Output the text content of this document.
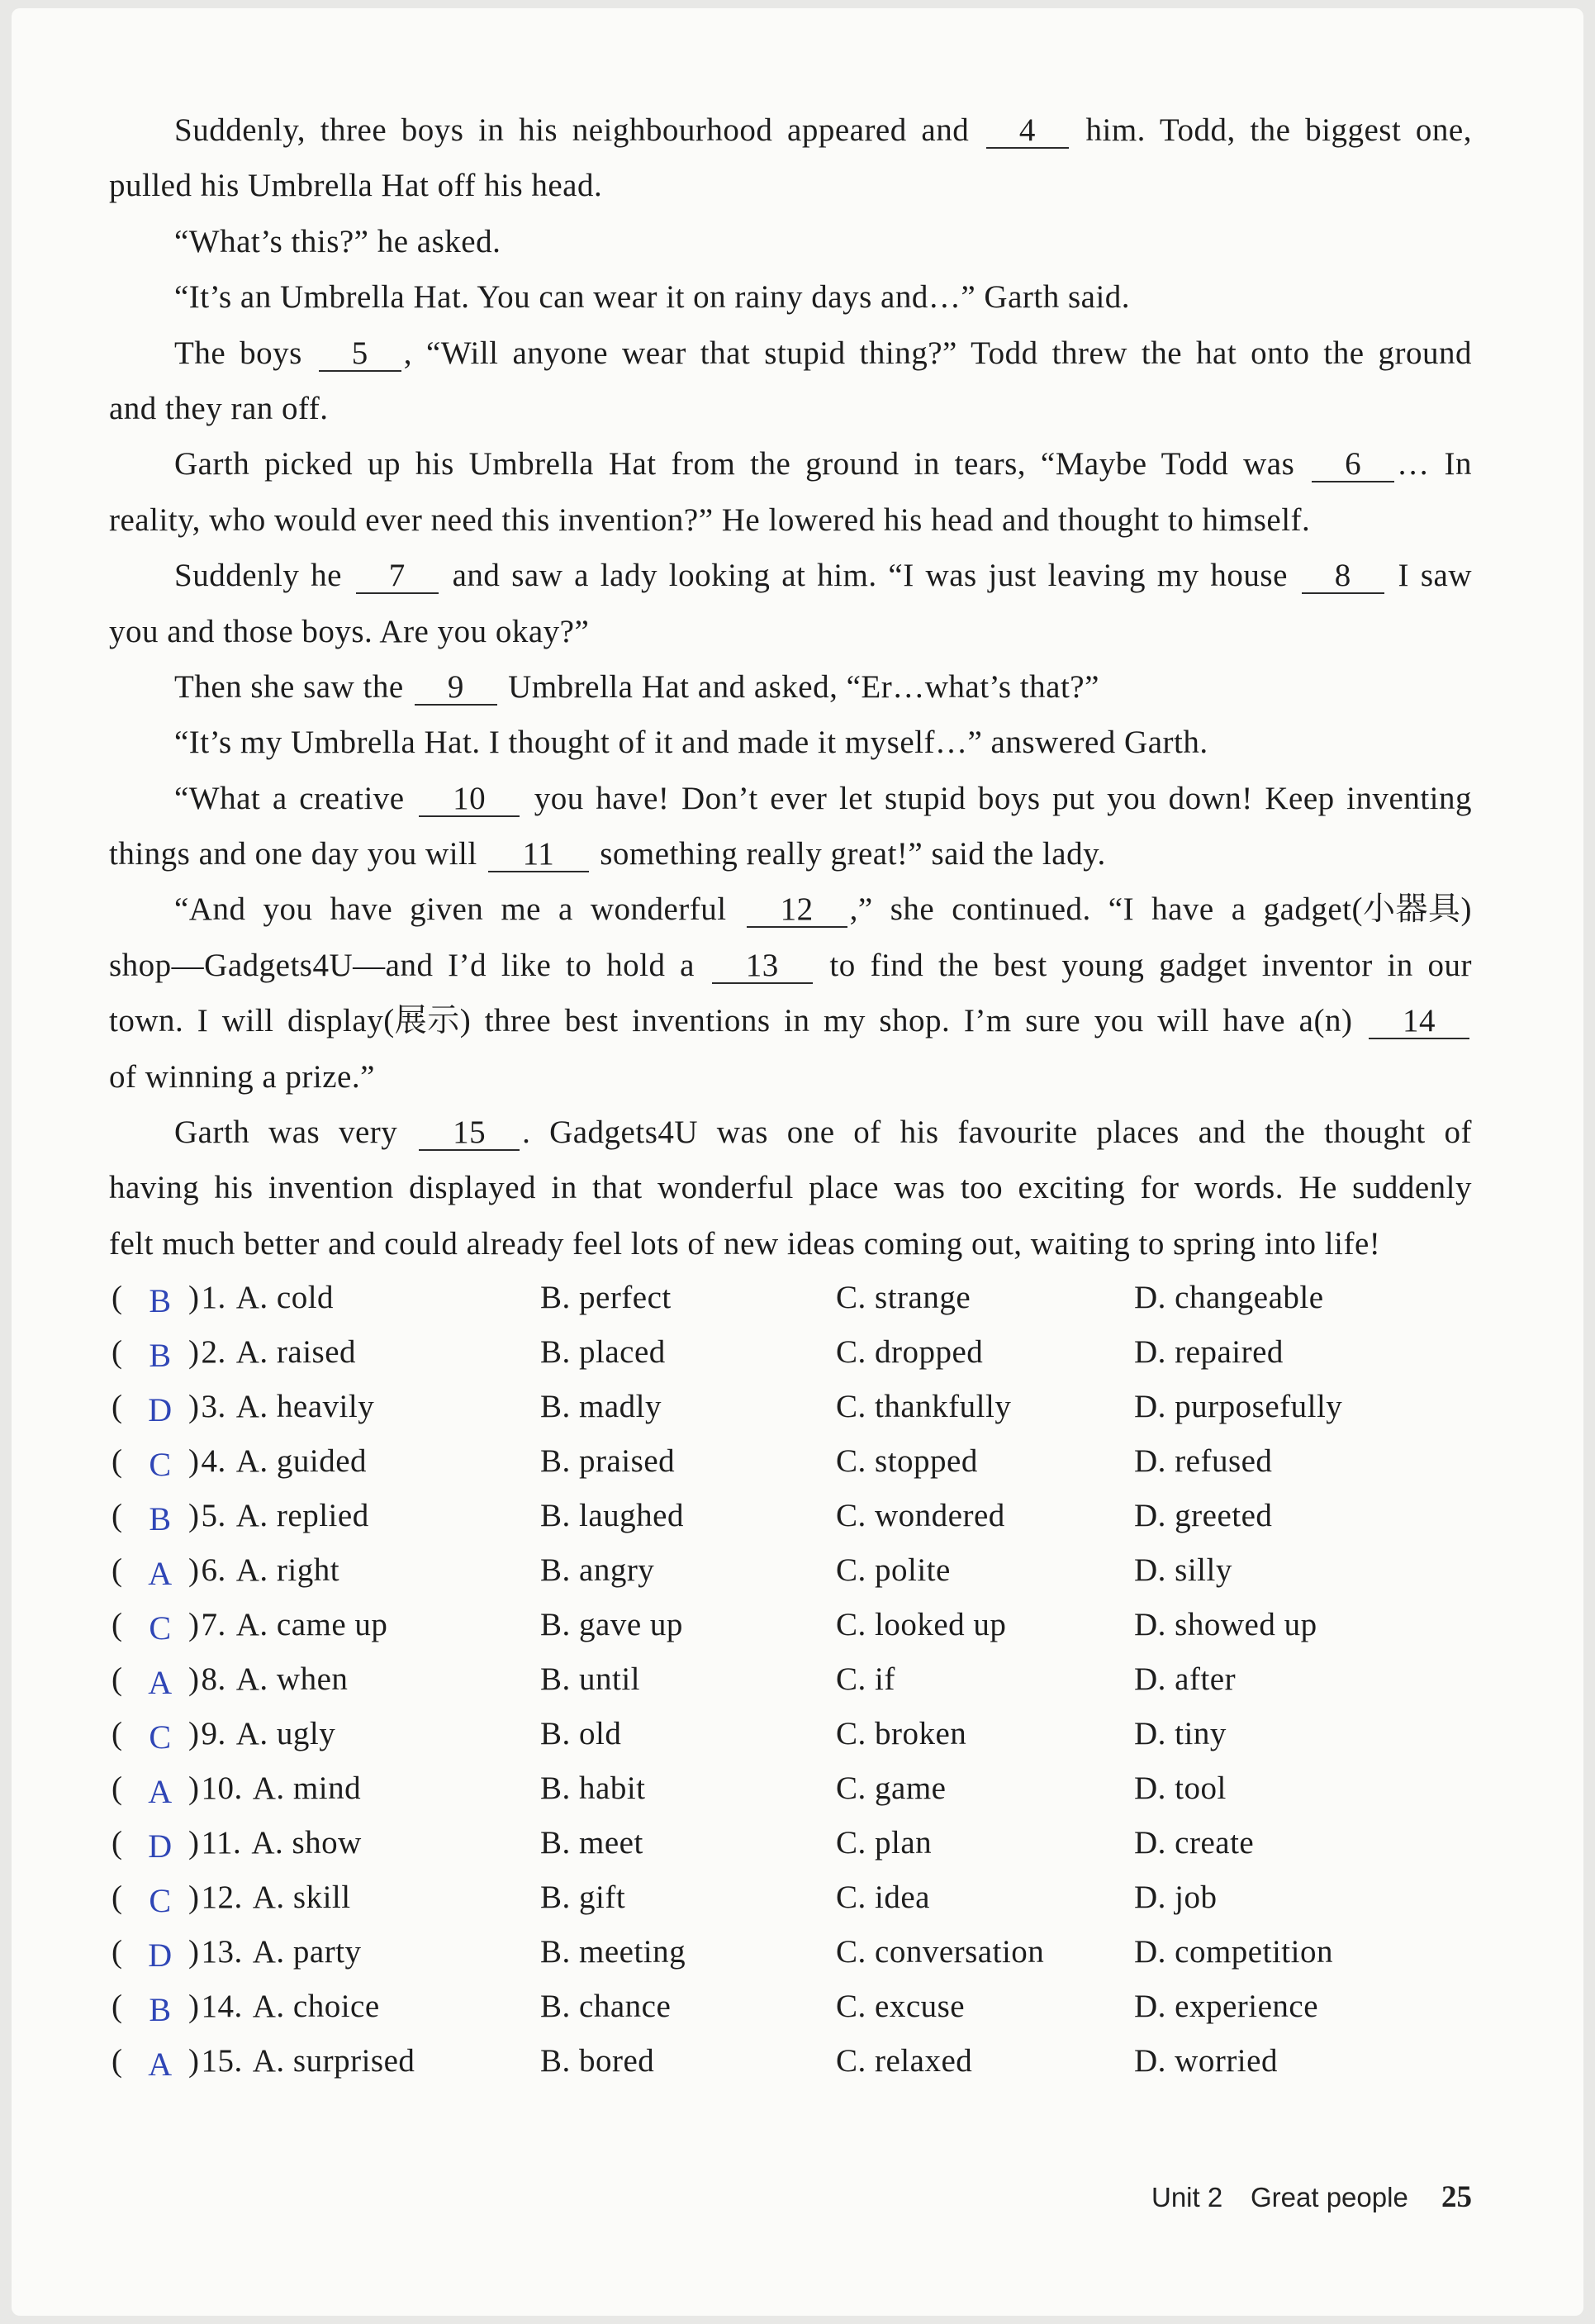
Suddenly, three boys in his neighbourhood appeared and 4 him. Todd, the biggest one,
pulled his Umbrella Hat off his head.
“What’s this?” he asked.
“It’s an Umbrella Hat. You can wear it on rainy days and…” Garth said.
The boys 5 , “Will anyone wear that stupid thing?” Todd threw the hat onto the ground
and they ran off.
Garth picked up his Umbrella Hat from the ground in tears, “Maybe Todd was 6 … In
reality, who would ever need this invention?” He lowered his head and thought to himself.
Suddenly he 7 and saw a lady looking at him. “I was just leaving my house 8 I saw
you and those boys. Are you okay?”
Then she saw the 9 Umbrella Hat and asked, “Er…what’s that?”
“It’s my Umbrella Hat. I thought of it and made it myself…” answered Garth.
“What a creative 10 you have! Don’t ever let stupid boys put you down! Keep inventing
things and one day you will 11 something really great!” said the lady.
“And you have given me a wonderful 12 ,” she continued. “I have a gadget(小器具)
shop—Gadgets4U—and I’d like to hold a 13 to find the best young gadget inventor in our
town. I will display(展示) three best inventions in my shop. I’m sure you will have a(n) 14
of winning a prize.”
Garth was very 15 . Gadgets4U was one of his favourite places and the thought of
having his invention displayed in that wonderful place was too exciting for words. He suddenly
felt much better and could already feel lots of new ideas coming out, waiting to spring into life!
( B )1. A. cold	B. perfect	C. strange	D. changeable
( B )2. A. raised	B. placed	C. dropped	D. repaired
( D )3. A. heavily	B. madly	C. thankfully	D. purposefully
( C )4. A. guided	B. praised	C. stopped	D. refused
( B )5. A. replied	B. laughed	C. wondered	D. greeted
( A )6. A. right	B. angry	C. polite	D. silly
( C )7. A. came up	B. gave up	C. looked up	D. showed up
( A )8. A. when	B. until	C. if	D. after
( C )9. A. ugly	B. old	C. broken	D. tiny
( A )10. A. mind	B. habit	C. game	D. tool
( D )11. A. show	B. meet	C. plan	D. create
( C )12. A. skill	B. gift	C. idea	D. job
( D )13. A. party	B. meeting	C. conversation	D. competition
( B )14. A. choice	B. chance	C. excuse	D. experience
( A )15. A. surprised	B. bored	C. relaxed	D. worried
Unit 2 Great people 25
